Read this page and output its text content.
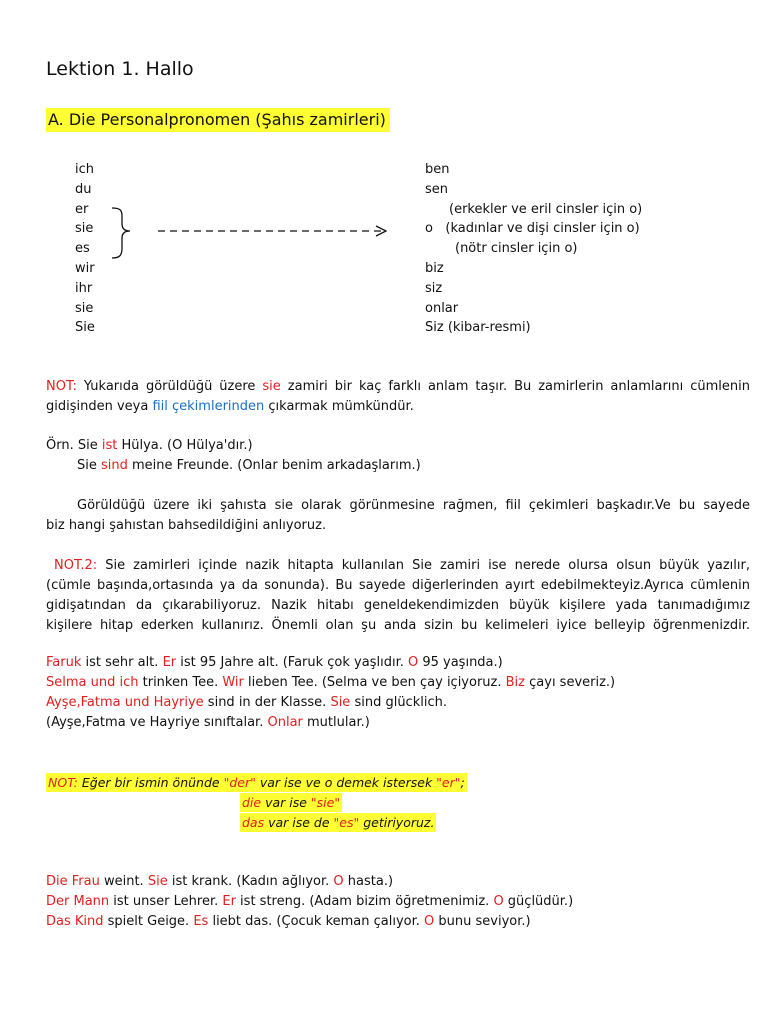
Lektion 1. Hallo
A. Die Personalpronomen (Şahıs zamirleri)
ich
du
er
sie
es
wir
ihr
sie
Sie
ben
sen
(erkekler ve eril cinsler için o)
o (kadınlar ve dişi cinsler için o)
(nötr cinsler için o)
biz
siz
onlar
Siz (kibar-resmi)
NOT: Yukarıda görüldüğü üzere sie zamiri bir kaç farklı anlam taşır. Bu zamirlerin anlamlarını cümlenin
gidişinden veya fiil çekimlerinden çıkarmak mümkündür.
Örn. Sie ist Hülya. (O Hülya'dır.)
Sie sind meine Freunde. (Onlar benim arkadaşlarım.)
Görüldüğü üzere iki şahısta sie olarak görünmesine rağmen, fiil çekimleri başkadır.Ve bu sayede
biz hangi şahıstan bahsedildiğini anlıyoruz.
NOT.2: Sie zamirleri içinde nazik hitapta kullanılan Sie zamiri ise nerede olursa olsun büyük yazılır,
(cümle başında,ortasında ya da sonunda). Bu sayede diğerlerinden ayırt edebilmekteyiz.Ayrıca cümlenin
gidişatından da çıkarabiliyoruz. Nazik hitabı geneldekendimizden büyük kişilere yada tanımadığımız
kişilere hitap ederken kullanırız. Önemli olan şu anda sizin bu kelimeleri iyice belleyip öğrenmenizdir.
Faruk ist sehr alt. Er ist 95 Jahre alt. (Faruk çok yaşlıdır. O 95 yaşında.)
Selma und ich trinken Tee. Wir lieben Tee. (Selma ve ben çay içiyoruz. Biz çayı severiz.)
Ayşe,Fatma und Hayriye sind in der Klasse. Sie sind glücklich.
(Ayşe,Fatma ve Hayriye sınıftalar. Onlar mutlular.)
NOT: Eğer bir ismin önünde "der" var ise ve o demek istersek "er";
die var ise "sie"
das var ise de "es" getiriyoruz.
Die Frau weint. Sie ist krank. (Kadın ağlıyor. O hasta.)
Der Mann ist unser Lehrer. Er ist streng. (Adam bizim öğretmenimiz. O güçlüdür.)
Das Kind spielt Geige. Es liebt das. (Çocuk keman çalıyor. O bunu seviyor.)
